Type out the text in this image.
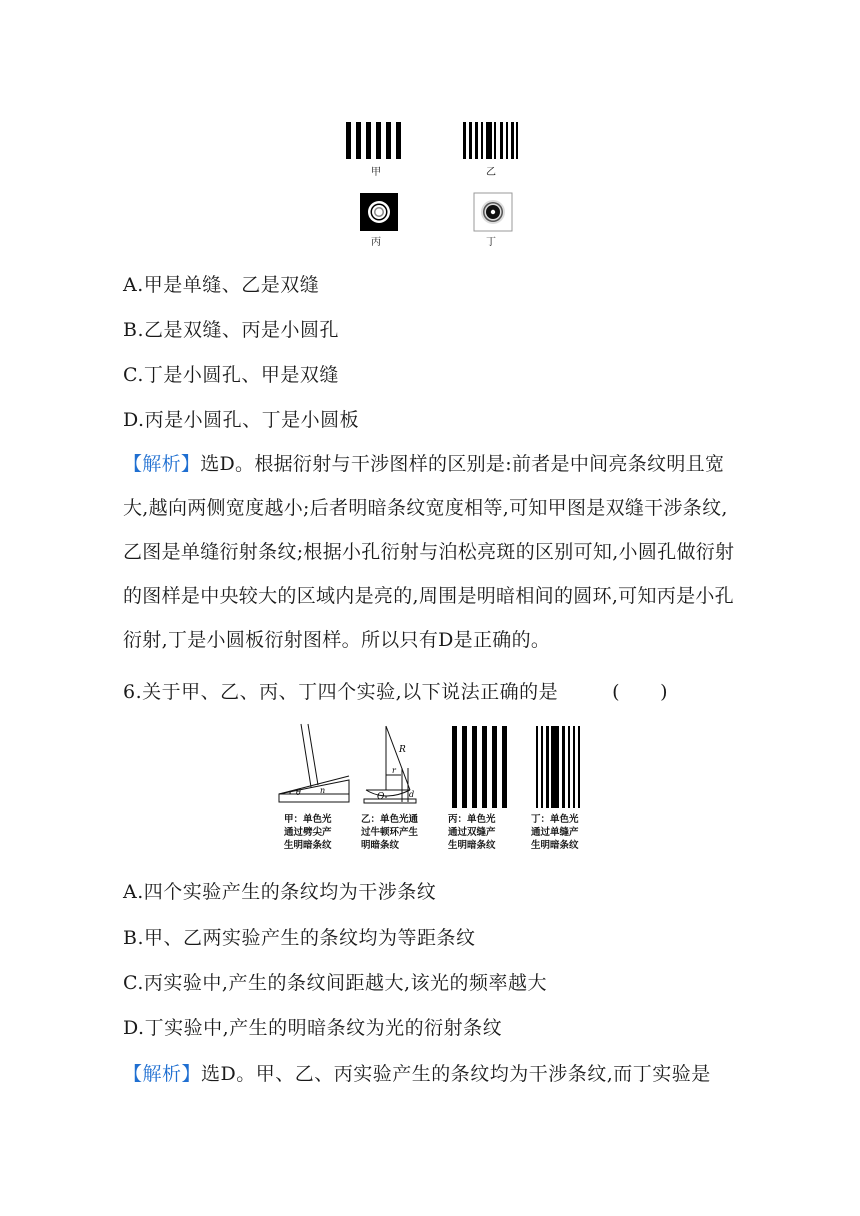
甲	乙
丙	丁
A.甲是单缝、乙是双缝
B.乙是双缝、丙是小圆孔
C.丁是小圆孔、甲是双缝
D.丙是小圆孔、丁是小圆板
【解析】选D。根据衍射与干涉图样的区别是:前者是中间亮条纹明且宽大,越向两侧宽度越小;后者明暗条纹宽度相等,可知甲图是双缝干涉条纹,乙图是单缝衍射条纹;根据小孔衍射与泊松亮斑的区别可知,小圆孔做衍射的图样是中央较大的区域内是亮的,周围是明暗相间的圆环,可知丙是小孔衍射,丁是小圆板衍射图样。所以只有D是正确的。
6.关于甲、乙、丙、丁四个实验,以下说法正确的是	( )
θ n
R
r
O	d
甲：单色光
通过劈尖产
生明暗条纹
乙：单色光通
过牛顿环产生
明暗条纹
丙：单色光
通过双缝产
生明暗条纹
丁：单色光
通过单缝产
生明暗条纹
A.四个实验产生的条纹均为干涉条纹
B.甲、乙两实验产生的条纹均为等距条纹
C.丙实验中,产生的条纹间距越大,该光的频率越大
D.丁实验中,产生的明暗条纹为光的衍射条纹
【解析】选D。甲、乙、丙实验产生的条纹均为干涉条纹,而丁实验是
